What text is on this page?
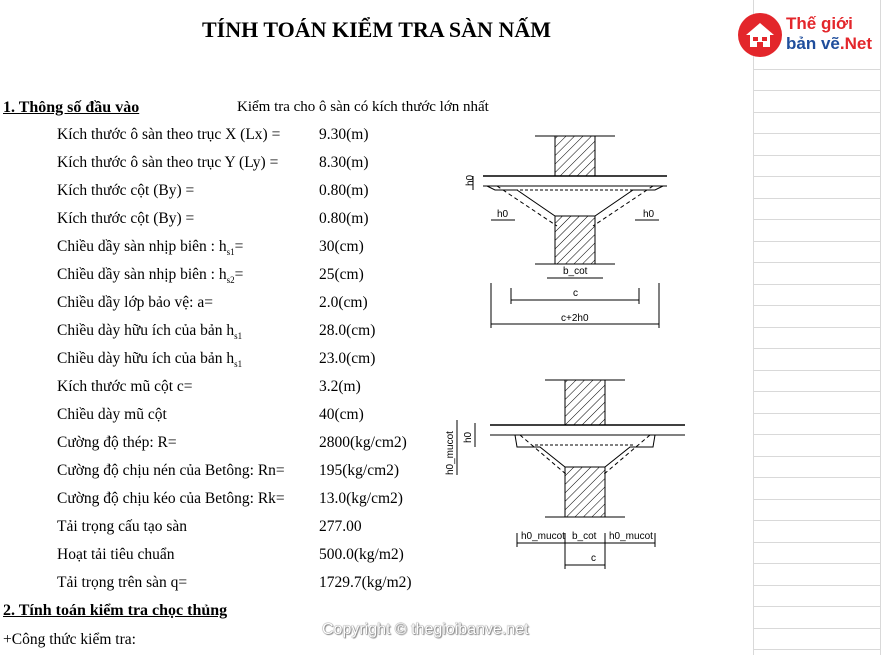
TÍNH TOÁN KIỂM TRA SÀN NẤM	Thế giới
bản vẽ.Net
1. Thông số đầu vào	Kiểm tra cho ô sàn có kích thước lớn nhất
Kích thước ô sàn theo trục X (Lx) = 9.30(m)
Kích thước ô sàn theo trục Y (Ly) =	8.30(m)
Kích thước cột (By) =	0.80(m)
Kích thước cột (By) =	0.80(m)
Chiều dầy sàn nhịp biên : $h_{s1}=$	30(cm)
Chiều dầy sàn nhịp biên : $h_{s2}=$	25(cm)
Chiều dầy lớp bảo vệ: a=	2.0(cm)
Chiều dày hữu ích của bản $h_{s1}$	28.0(cm)
Chiều dày hữu ích của bản $h_{s1}$	23.0(cm)
Kích thước mũ cột c=	3.2(m)
Chiều dày mũ cột	40(cm)
Cường độ thép: R=	2800(kg/cm2)
Cường độ chịu nén của Betông: Rn= 195(kg/cm2)
Cường độ chịu kéo của Betông: Rk= 13.0(kg/cm2)
Tải trọng cấu tạo sàn	277.00
Hoạt tải tiêu chuẩn	500.0(kg/m2)
Tải trọng trên sàn q=	1729.7(kg/m2)
2. Tính toán kiểm tra chọc thủng
+Công thức kiểm tra:
h0
h0	h0
b_cot
c
c+2h0
h0_mucot h0
h0_mucot b_cot h0_mucot
c
Copyright © thegioibanve.net
